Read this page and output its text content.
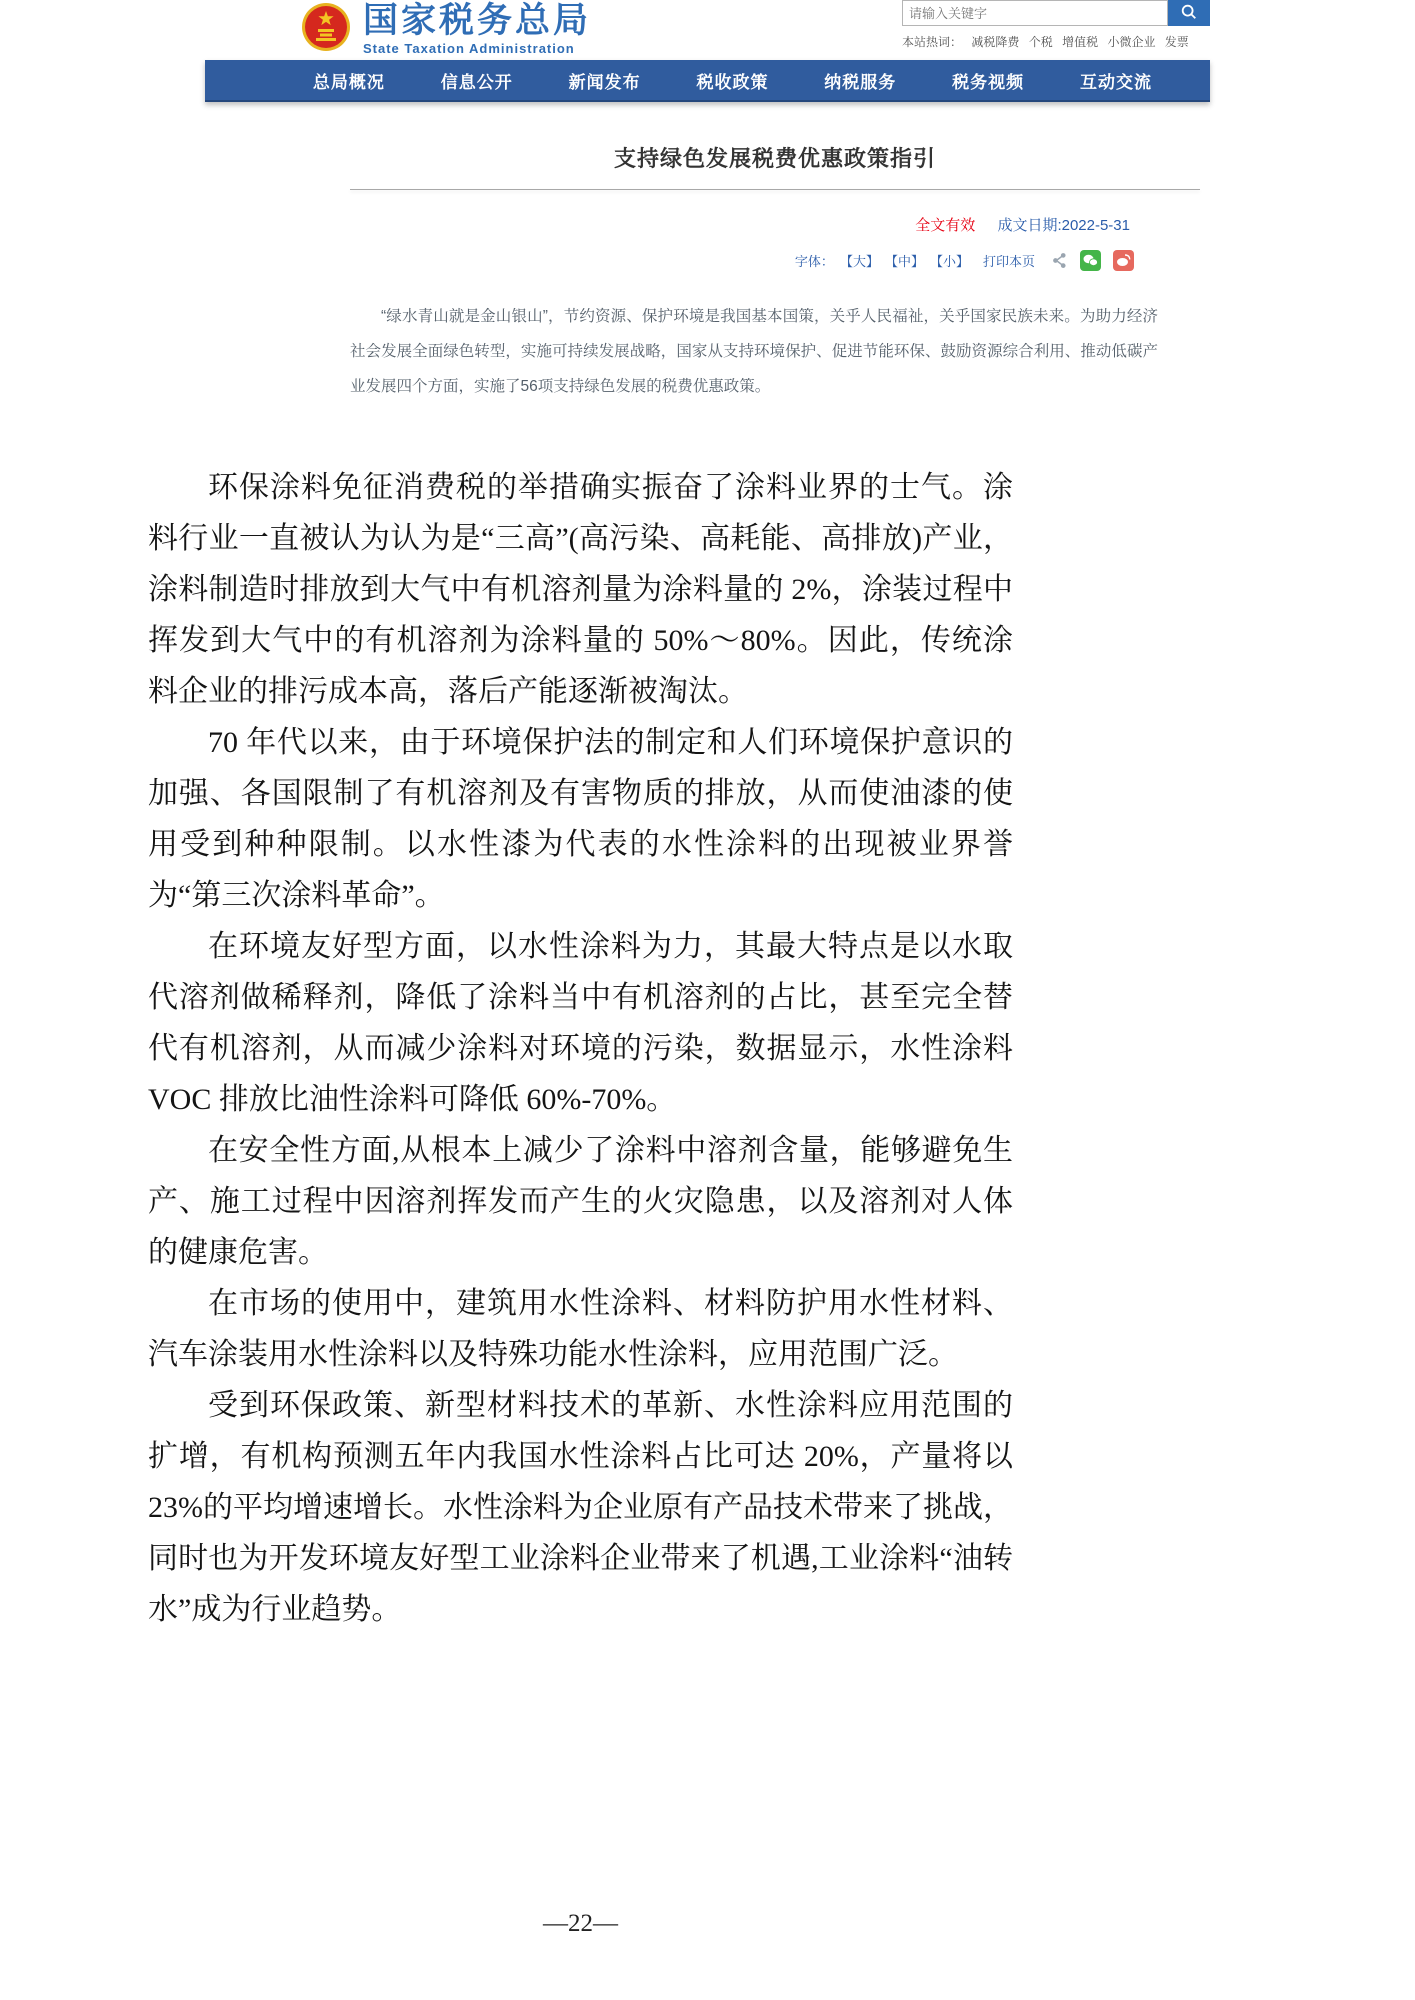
国家税务总局
State Taxation Administration
请输入关键字	本站热词： 减税降费 个税 增值税 小微企业 发票
总局概况	信息公开	新闻发布	税收政策	纳税服务	税务视频	互动交流
支持绿色发展税费优惠政策指引
全文有效 成文日期:2022-5-31
字体： 【大】 【中】 【小】 打印本页

“绿水青山就是金山银山”，节约资源、保护环境是我国基本国策，关乎人民福祉，关乎国家民族未来。为助力经济社会发展全面绿色转型，实施可持续发展战略，国家从支持环境保护、促进节能环保、鼓励资源综合利用、推动低碳产业发展四个方面，实施了56项支持绿色发展的税费优惠政策。

环保涂料免征消费税的举措确实振奋了涂料业界的士气。涂料行业一直被认为认为是“三高”(高污染、高耗能、高排放)产业，涂料制造时排放到大气中有机溶剂量为涂料量的 2%，涂装过程中挥发到大气中的有机溶剂为涂料量的 50%～80%。因此，传统涂料企业的排污成本高，落后产能逐渐被淘汰。

70 年代以来，由于环境保护法的制定和人们环境保护意识的加强、各国限制了有机溶剂及有害物质的排放，从而使油漆的使用受到种种限制。以水性漆为代表的水性涂料的出现被业界誉为“第三次涂料革命”。

在环境友好型方面，以水性涂料为力，其最大特点是以水取代溶剂做稀释剂，降低了涂料当中有机溶剂的占比，甚至完全替代有机溶剂，从而减少涂料对环境的污染，数据显示，水性涂料 VOC 排放比油性涂料可降低 60%-70%。

在安全性方面,从根本上减少了涂料中溶剂含量，能够避免生产、施工过程中因溶剂挥发而产生的火灾隐患，以及溶剂对人体的健康危害。

在市场的使用中，建筑用水性涂料、材料防护用水性材料、汽车涂装用水性涂料以及特殊功能水性涂料，应用范围广泛。

受到环保政策、新型材料技术的革新、水性涂料应用范围的扩增，有机构预测五年内我国水性涂料占比可达 20%，产量将以 23%的平均增速增长。水性涂料为企业原有产品技术带来了挑战，同时也为开发环境友好型工业涂料企业带来了机遇,工业涂料“油转水”成为行业趋势。

—22—
